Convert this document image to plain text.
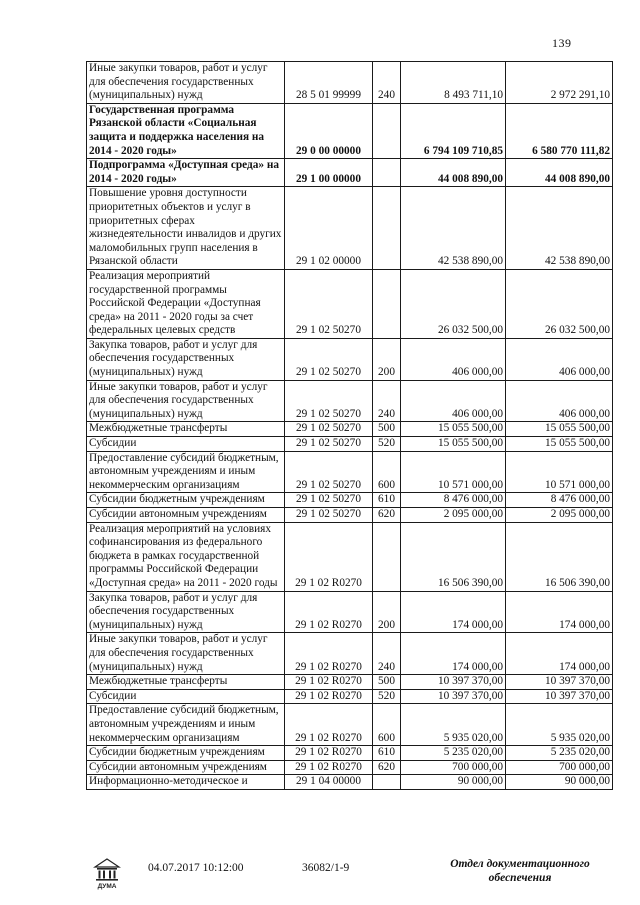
139
Иные закупки товаров, работ и услуг для обеспечения государственных (муниципальных) нужд	28 5 01 99999	240	8 493 711,10	2 972 291,10
Государственная программа Рязанской области «Социальная защита и поддержка населения на 2014 - 2020 годы»	29 0 00 00000		6 794 109 710,85	6 580 770 111,82
Подпрограмма «Доступная среда» на 2014 - 2020 годы»	29 1 00 00000		44 008 890,00	44 008 890,00
Повышение уровня доступности приоритетных объектов и услуг в приоритетных сферах жизнедеятельности инвалидов и других маломобильных групп населения в Рязанской области	29 1 02 00000		42 538 890,00	42 538 890,00
Реализация мероприятий государственной программы Российской Федерации «Доступная среда» на 2011 - 2020 годы за счет федеральных целевых средств	29 1 02 50270		26 032 500,00	26 032 500,00
Закупка товаров, работ и услуг для обеспечения государственных (муниципальных) нужд	29 1 02 50270	200	406 000,00	406 000,00
Иные закупки товаров, работ и услуг для обеспечения государственных (муниципальных) нужд	29 1 02 50270	240	406 000,00	406 000,00
Межбюджетные трансферты	29 1 02 50270	500	15 055 500,00	15 055 500,00
Субсидии	29 1 02 50270	520	15 055 500,00	15 055 500,00
Предоставление субсидий бюджетным, автономным учреждениям и иным некоммерческим организациям	29 1 02 50270	600	10 571 000,00	10 571 000,00
Субсидии бюджетным учреждениям	29 1 02 50270	610	8 476 000,00	8 476 000,00
Субсидии автономным учреждениям	29 1 02 50270	620	2 095 000,00	2 095 000,00
Реализация мероприятий на условиях софинансирования из федерального бюджета в рамках государственной программы Российской Федерации «Доступная среда» на 2011 - 2020 годы	29 1 02 R0270		16 506 390,00	16 506 390,00
Закупка товаров, работ и услуг для обеспечения государственных (муниципальных) нужд	29 1 02 R0270	200	174 000,00	174 000,00
Иные закупки товаров, работ и услуг для обеспечения государственных (муниципальных) нужд	29 1 02 R0270	240	174 000,00	174 000,00
Межбюджетные трансферты	29 1 02 R0270	500	10 397 370,00	10 397 370,00
Субсидии	29 1 02 R0270	520	10 397 370,00	10 397 370,00
Предоставление субсидий бюджетным, автономным учреждениям и иным некоммерческим организациям	29 1 02 R0270	600	5 935 020,00	5 935 020,00
Субсидии бюджетным учреждениям	29 1 02 R0270	610	5 235 020,00	5 235 020,00
Субсидии автономным учреждениям	29 1 02 R0270	620	700 000,00	700 000,00
Информационно-методическое и	29 1 04 00000		90 000,00	90 000,00
ДУМА
04.07.2017 10:12:00	36082/1-9	Отдел документационного
обеспечения
